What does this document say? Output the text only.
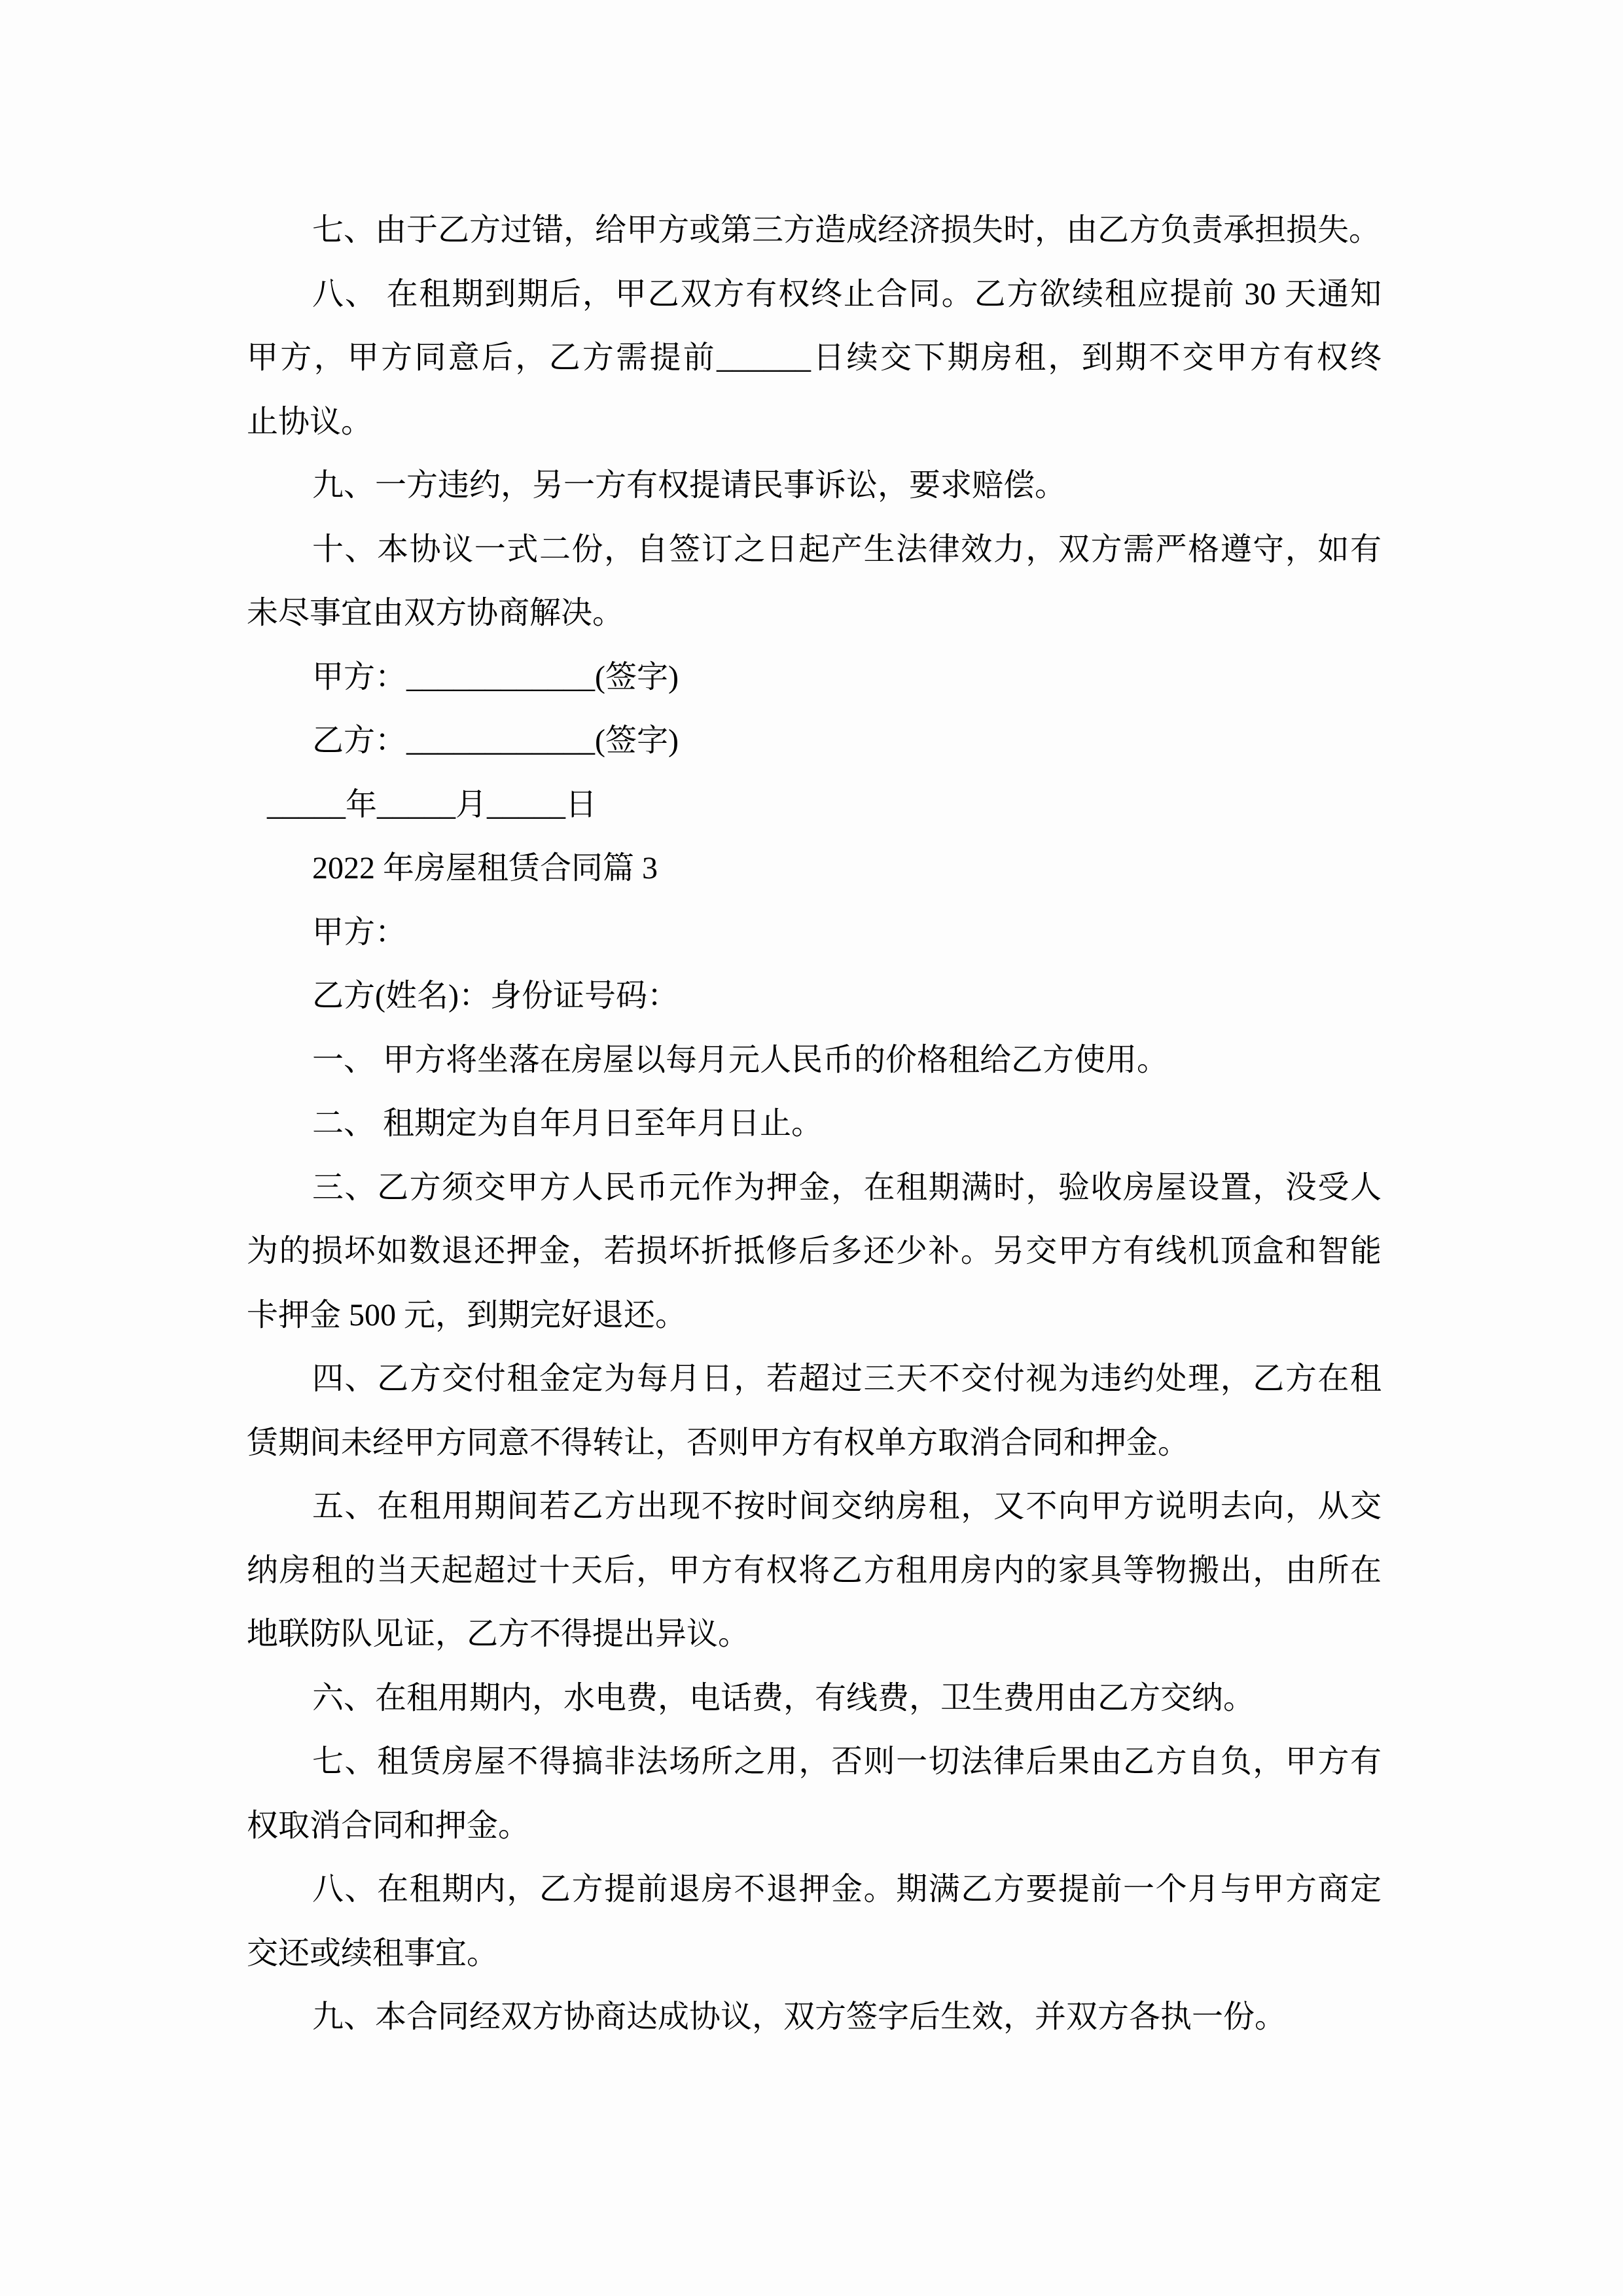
七、由于乙方过错，给甲方或第三方造成经济损失时，由乙方负责承担损失。
八、 在租期到期后，甲乙双方有权终止合同。乙方欲续租应提前 30 天通知
甲方，甲方同意后，乙方需提前______日续交下期房租，到期不交甲方有权终
止协议。
九、一方违约，另一方有权提请民事诉讼，要求赔偿。
十、本协议一式二份，自签订之日起产生法律效力，双方需严格遵守，如有
未尽事宜由双方协商解决。
甲方：____________(签字)
乙方：____________(签字)
_____年_____月_____日
2022 年房屋租赁合同篇 3
甲方：
乙方(姓名)：身份证号码：
一、 甲方将坐落在房屋以每月元人民币的价格租给乙方使用。
二、 租期定为自年月日至年月日止。
三、乙方须交甲方人民币元作为押金，在租期满时，验收房屋设置，没受人
为的损坏如数退还押金，若损坏折抵修后多还少补。另交甲方有线机顶盒和智能
卡押金 500 元，到期完好退还。
四、乙方交付租金定为每月日，若超过三天不交付视为违约处理，乙方在租
赁期间未经甲方同意不得转让，否则甲方有权单方取消合同和押金。
五、在租用期间若乙方出现不按时间交纳房租，又不向甲方说明去向，从交
纳房租的当天起超过十天后，甲方有权将乙方租用房内的家具等物搬出，由所在
地联防队见证，乙方不得提出异议。
六、在租用期内，水电费，电话费，有线费，卫生费用由乙方交纳。
七、租赁房屋不得搞非法场所之用，否则一切法律后果由乙方自负，甲方有
权取消合同和押金。
八、在租期内，乙方提前退房不退押金。期满乙方要提前一个月与甲方商定
交还或续租事宜。
九、本合同经双方协商达成协议，双方签字后生效，并双方各执一份。
